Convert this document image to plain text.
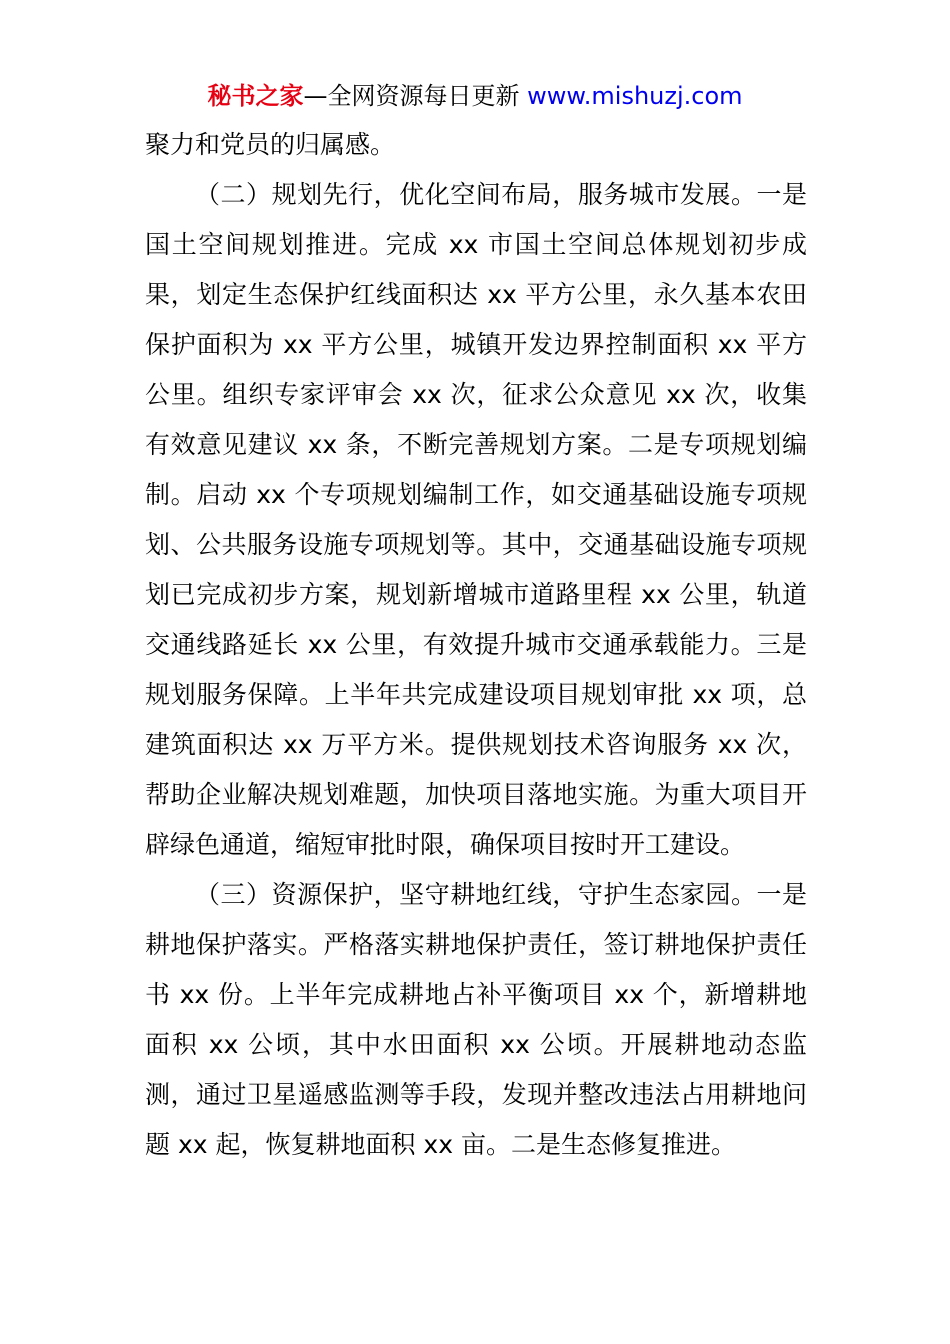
秘书之家—全网资源每日更新 www.mishuzj.com

聚力和党员的归属感。

（二）规划先行，优化空间布局，服务城市发展。一是国土空间规划推进。完成 xx 市国土空间总体规划初步成果，划定生态保护红线面积达 xx 平方公里，永久基本农田保护面积为 xx 平方公里，城镇开发边界控制面积 xx 平方公里。组织专家评审会 xx 次，征求公众意见 xx 次，收集有效意见建议 xx 条，不断完善规划方案。二是专项规划编制。启动 xx 个专项规划编制工作，如交通基础设施专项规划、公共服务设施专项规划等。其中，交通基础设施专项规划已完成初步方案，规划新增城市道路里程 xx 公里，轨道交通线路延长 xx 公里，有效提升城市交通承载能力。三是规划服务保障。上半年共完成建设项目规划审批 xx 项，总建筑面积达 xx 万平方米。提供规划技术咨询服务 xx 次，帮助企业解决规划难题，加快项目落地实施。为重大项目开辟绿色通道，缩短审批时限，确保项目按时开工建设。

（三）资源保护，坚守耕地红线，守护生态家园。一是耕地保护落实。严格落实耕地保护责任，签订耕地保护责任书 xx 份。上半年完成耕地占补平衡项目 xx 个，新增耕地面积 xx 公顷，其中水田面积 xx 公顷。开展耕地动态监测，通过卫星遥感监测等手段，发现并整改违法占用耕地问题 xx 起，恢复耕地面积 xx 亩。二是生态修复推进。
